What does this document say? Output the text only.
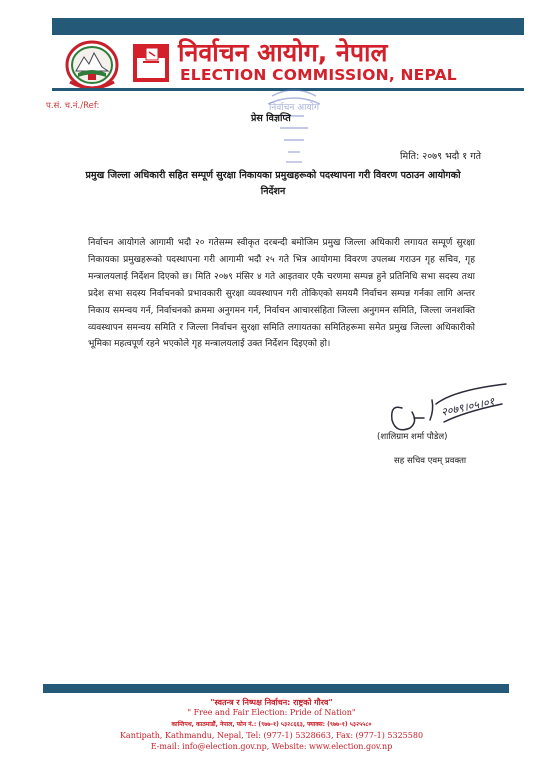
निर्वाचन आयोग, नेपाल
ELECTION COMMISSION, NEPAL
प.सं. च.नं./Ref:	निर्वाचन आयोग
प्रेस विज्ञप्ति
मिति: २०७९ भदौ १ गते
प्रमुख जिल्ला अधिकारी सहित सम्पूर्ण सुरक्षा निकायका प्रमुखहरूको पदस्थापना गरी विवरण पठाउन आयोगको निर्देशन
निर्वाचन आयोगले आगामी भदौ २० गतेसम्म स्वीकृत दरबन्दी बमोजिम प्रमुख जिल्ला अधिकारी लगायत सम्पूर्ण सुरक्षा निकायका प्रमुखहरूको पदस्थापना गरी आगामी भदौ २५ गते भित्र आयोगमा विवरण उपलब्ध गराउन गृह सचिव, गृह मन्त्रालयलाई निर्देशन दिएको छ। मिति २०७९ मंसिर ४ गते आइतवार एकै चरणमा सम्पन्न हुने प्रतिनिधि सभा सदस्य तथा प्रदेश सभा सदस्य निर्वाचनको प्रभावकारी सुरक्षा व्यवस्थापन गरी तोकिएको समयमै निर्वाचन सम्पन्न गर्नका लागि अन्तर निकाय समन्वय गर्न, निर्वाचनको क्रममा अनुगमन गर्न, निर्वाचन आचारसंहिता जिल्ला अनुगमन समिति, जिल्ला जनशक्ति व्यवस्थापन समन्वय समिति र जिल्ला निर्वाचन सुरक्षा समिति लगायतका समितिहरूमा समेत प्रमुख जिल्ला अधिकारीको भूमिका महत्वपूर्ण रहने भएकोले गृह मन्त्रालयलाई उक्त निर्देशन दिइएको हो।
२०७९।०५।०१
(शालिग्राम शर्मा पौडेल)
सह सचिव एवम् प्रवक्ता
"स्वतन्त्र र निष्पक्ष निर्वाचन: राष्ट्रको गौरव"
" Free and Fair Election: Pride of Nation"
कान्तिपथ, काठमाडौं, नेपाल, फोन नं.: (९७७-१) ५३२८६६३, फ्याक्स: (९७७-१) ५३२५५८०
Kantipath, Kathmandu, Nepal, Tel: (977-1) 5328663, Fax: (977-1) 5325580
E-mail: info@election.gov.np, Website: www.election.gov.np
